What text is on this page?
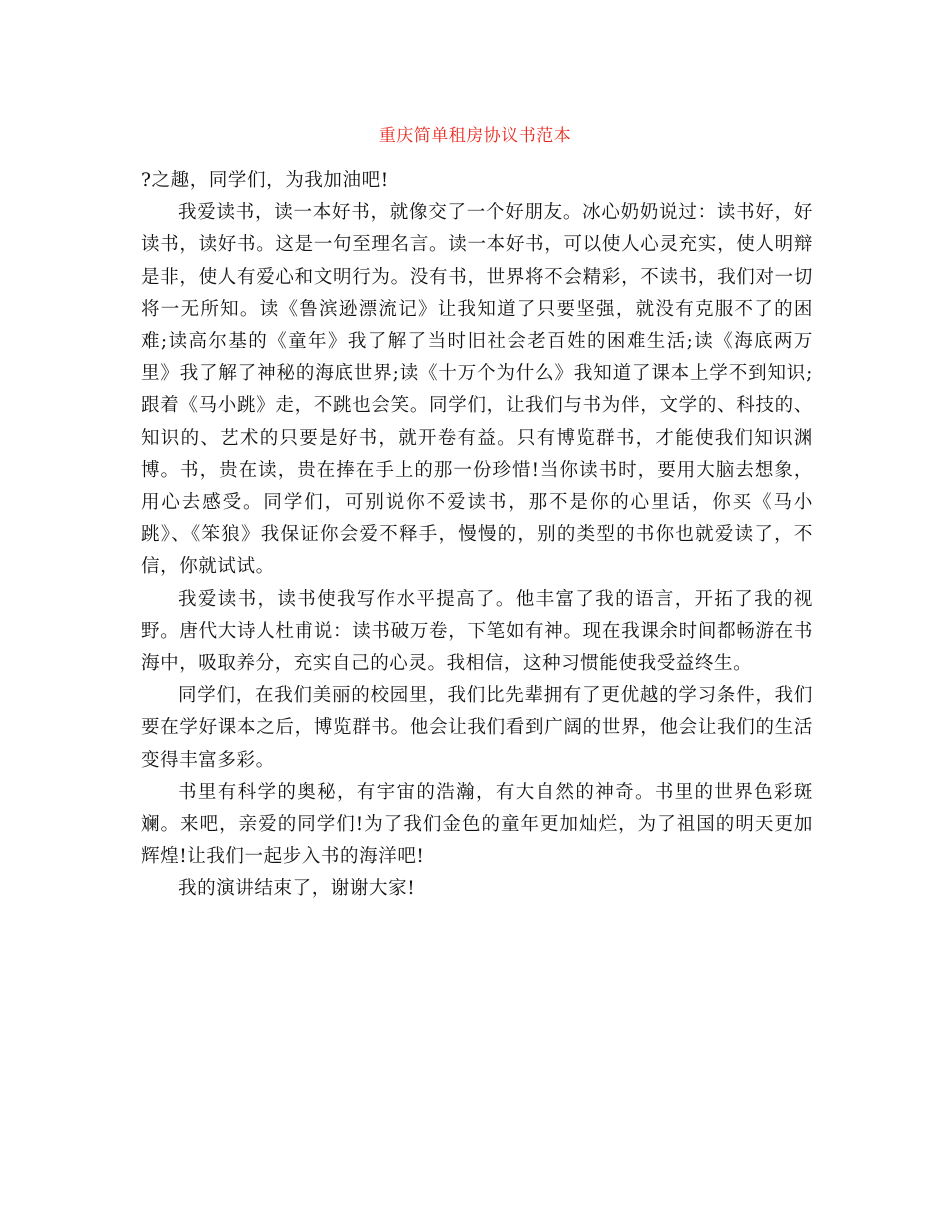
重庆简单租房协议书范本

?之趣，同学们，为我加油吧!

我爱读书，读一本好书，就像交了一个好朋友。冰心奶奶说过：读书好，好读书，读好书。这是一句至理名言。读一本好书，可以使人心灵充实，使人明辩是非，使人有爱心和文明行为。没有书，世界将不会精彩，不读书，我们对一切将一无所知。读《鲁滨逊漂流记》让我知道了只要坚强，就没有克服不了的困难;读高尔基的《童年》我了解了当时旧社会老百姓的困难生活;读《海底两万里》我了解了神秘的海底世界;读《十万个为什么》我知道了课本上学不到知识;跟着《马小跳》走，不跳也会笑。同学们，让我们与书为伴，文学的、科技的、知识的、艺术的只要是好书，就开卷有益。只有博览群书，才能使我们知识渊博。书，贵在读，贵在捧在手上的那一份珍惜!当你读书时，要用大脑去想象，用心去感受。同学们，可别说你不爱读书，那不是你的心里话，你买《马小跳》、《笨狼》我保证你会爱不释手，慢慢的，别的类型的书你也就爱读了，不信，你就试试。

我爱读书，读书使我写作水平提高了。他丰富了我的语言，开拓了我的视野。唐代大诗人杜甫说：读书破万卷，下笔如有神。现在我课余时间都畅游在书海中，吸取养分，充实自己的心灵。我相信，这种习惯能使我受益终生。

同学们，在我们美丽的校园里，我们比先辈拥有了更优越的学习条件，我们要在学好课本之后，博览群书。他会让我们看到广阔的世界，他会让我们的生活变得丰富多彩。

书里有科学的奥秘，有宇宙的浩瀚，有大自然的神奇。书里的世界色彩斑斓。来吧，亲爱的同学们!为了我们金色的童年更加灿烂，为了祖国的明天更加辉煌!让我们一起步入书的海洋吧!

我的演讲结束了，谢谢大家!
